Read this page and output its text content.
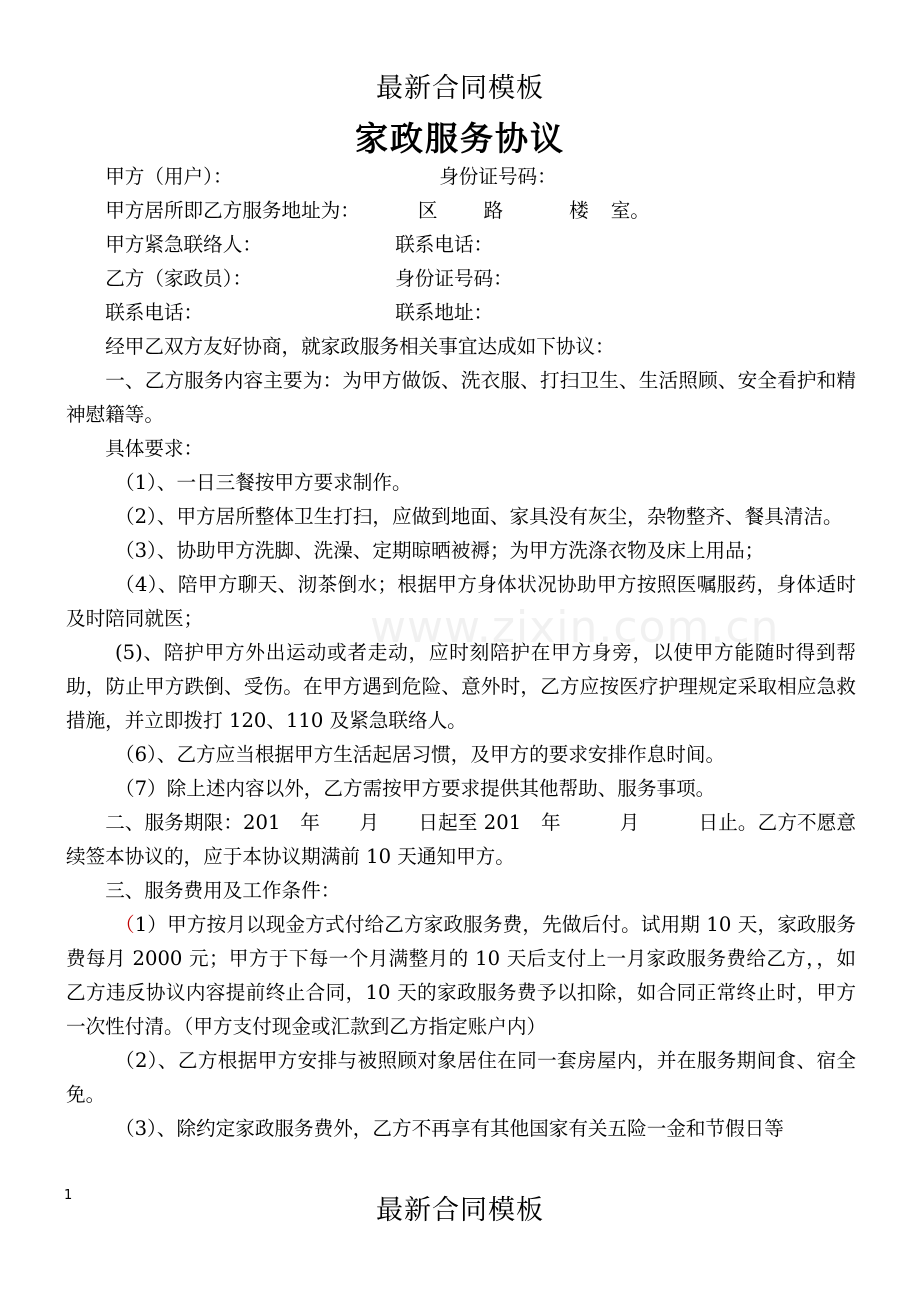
最新合同模板
家政服务协议
www.zixin.com.cn
甲方（用户）：	身份证号码：
甲方居所即乙方服务地址为：	区 路	楼 室。
甲方紧急联络人：	联系电话：
乙方（家政员）：	身份证号码：
联系电话：	联系地址：

经甲乙双方友好协商，就家政服务相关事宜达成如下协议：

一、乙方服务内容主要为：为甲方做饭、洗衣服、打扫卫生、生活照顾、安全看护和精神慰籍等。

具体要求：

（1）、一日三餐按甲方要求制作。

（2）、甲方居所整体卫生打扫，应做到地面、家具没有灰尘，杂物整齐、餐具清洁。

（3）、协助甲方洗脚、洗澡、定期晾晒被褥；为甲方洗涤衣物及床上用品；

（4）、陪甲方聊天、沏茶倒水；根据甲方身体状况协助甲方按照医嘱服药，身体适时及时陪同就医；

(5)、陪护甲方外出运动或者走动，应时刻陪护在甲方身旁，以使甲方能随时得到帮助，防止甲方跌倒、受伤。在甲方遇到危险、意外时，乙方应按医疗护理规定采取相应急救措施，并立即拨打 120、110 及紧急联络人。

（6）、乙方应当根据甲方生活起居习惯，及甲方的要求安排作息时间。

（7）除上述内容以外，乙方需按甲方要求提供其他帮助、服务事项。

二、服务期限：201　年　　月　　日起至 201　年　　　月　　　日止。乙方不愿意续签本协议的，应于本协议期满前 10 天通知甲方。

三、服务费用及工作条件：

（1）甲方按月以现金方式付给乙方家政服务费，先做后付。试用期 10 天，家政服务费每月 2000 元；甲方于下每一个月满整月的 10 天后支付上一月家政服务费给乙方，，如乙方违反协议内容提前终止合同，10 天的家政服务费予以扣除，如合同正常终止时，甲方一次性付清。（甲方支付现金或汇款到乙方指定账户内）

（2）、乙方根据甲方安排与被照顾对象居住在同一套房屋内，并在服务期间食、宿全免。

（3）、除约定家政服务费外，乙方不再享有其他国家有关五险一金和节假日等

1	最新合同模板
